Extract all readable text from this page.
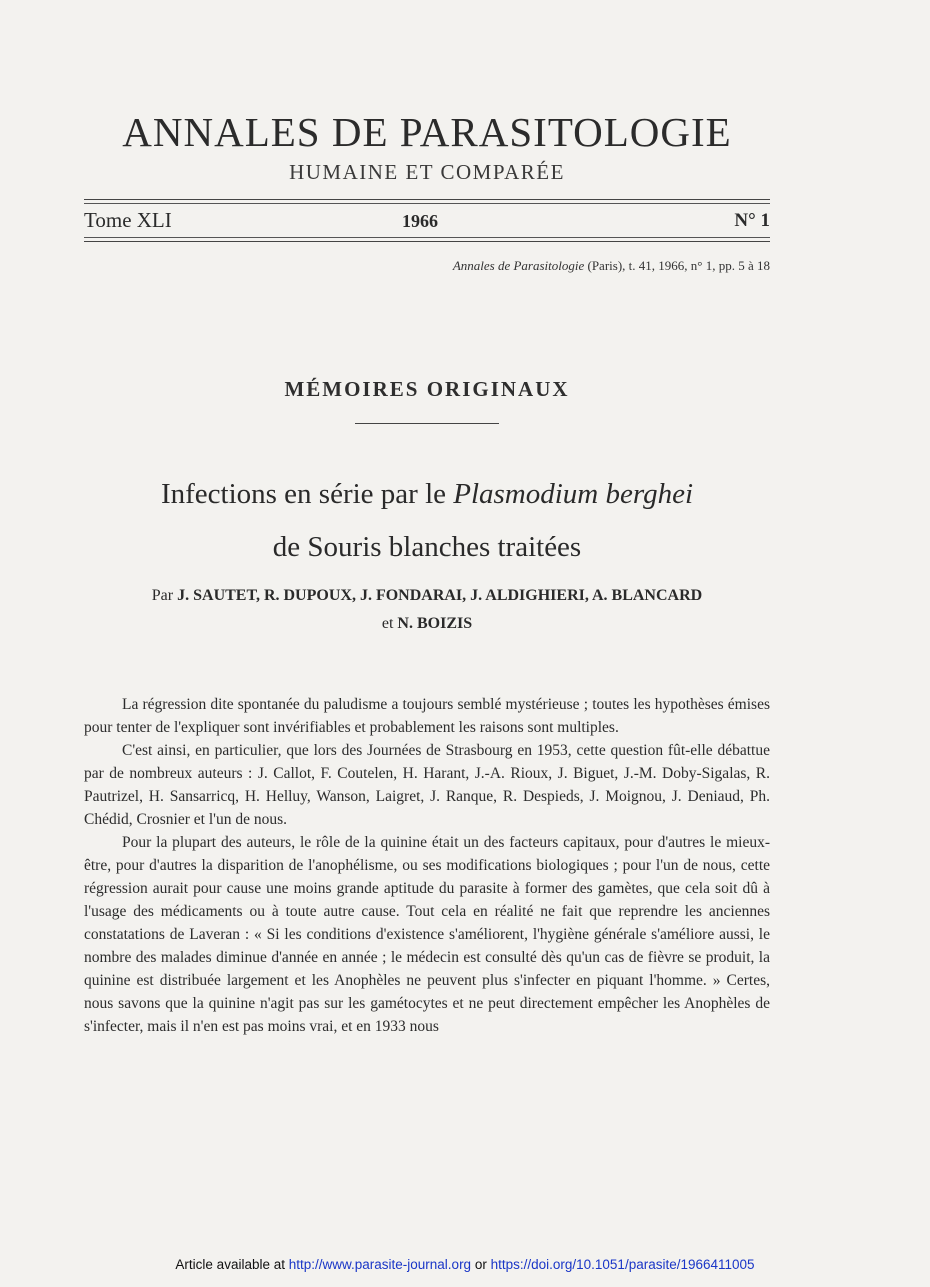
ANNALES DE PARASITOLOGIE
HUMAINE ET COMPARÉE
Tome XLI	1966	N° 1
Annales de Parasitologie (Paris), t. 41, 1966, n° 1, pp. 5 à 18
MÉMOIRES ORIGINAUX
Infections en série par le Plasmodium berghei
de Souris blanches traitées
Par J. SAUTET, R. DUPOUX, J. FONDARAI, J. ALDIGHIERI, A. BLANCARD
et N. BOIZIS

La régression dite spontanée du paludisme a toujours semblé mystérieuse ; toutes les hypothèses émises pour tenter de l'expliquer sont invérifiables et probablement les raisons sont multiples.

C'est ainsi, en particulier, que lors des Journées de Strasbourg en 1953, cette question fût-elle débattue par de nombreux auteurs : J. Callot, F. Coutelen, H. Harant, J.-A. Rioux, J. Biguet, J.-M. Doby-Sigalas, R. Pautrizel, H. Sansarricq, H. Helluy, Wanson, Laigret, J. Ranque, R. Despieds, J. Moignou, J. Deniaud, Ph. Chédid, Crosnier et l'un de nous.

Pour la plupart des auteurs, le rôle de la quinine était un des facteurs capitaux, pour d'autres le mieux-être, pour d'autres la disparition de l'anophélisme, ou ses modifications biologiques ; pour l'un de nous, cette régression aurait pour cause une moins grande aptitude du parasite à former des gamètes, que cela soit dû à l'usage des médicaments ou à toute autre cause. Tout cela en réalité ne fait que reprendre les anciennes constatations de Laveran : « Si les conditions d'existence s'améliorent, l'hygiène générale s'améliore aussi, le nombre des malades diminue d'année en année ; le médecin est consulté dès qu'un cas de fièvre se produit, la quinine est distribuée largement et les Anophèles ne peuvent plus s'infecter en piquant l'homme. » Certes, nous savons que la quinine n'agit pas sur les gamétocytes et ne peut directement empêcher les Anophèles de s'infecter, mais il n'en est pas moins vrai, et en 1933 nous

Article available at http://www.parasite-journal.org or https://doi.org/10.1051/parasite/1966411005
